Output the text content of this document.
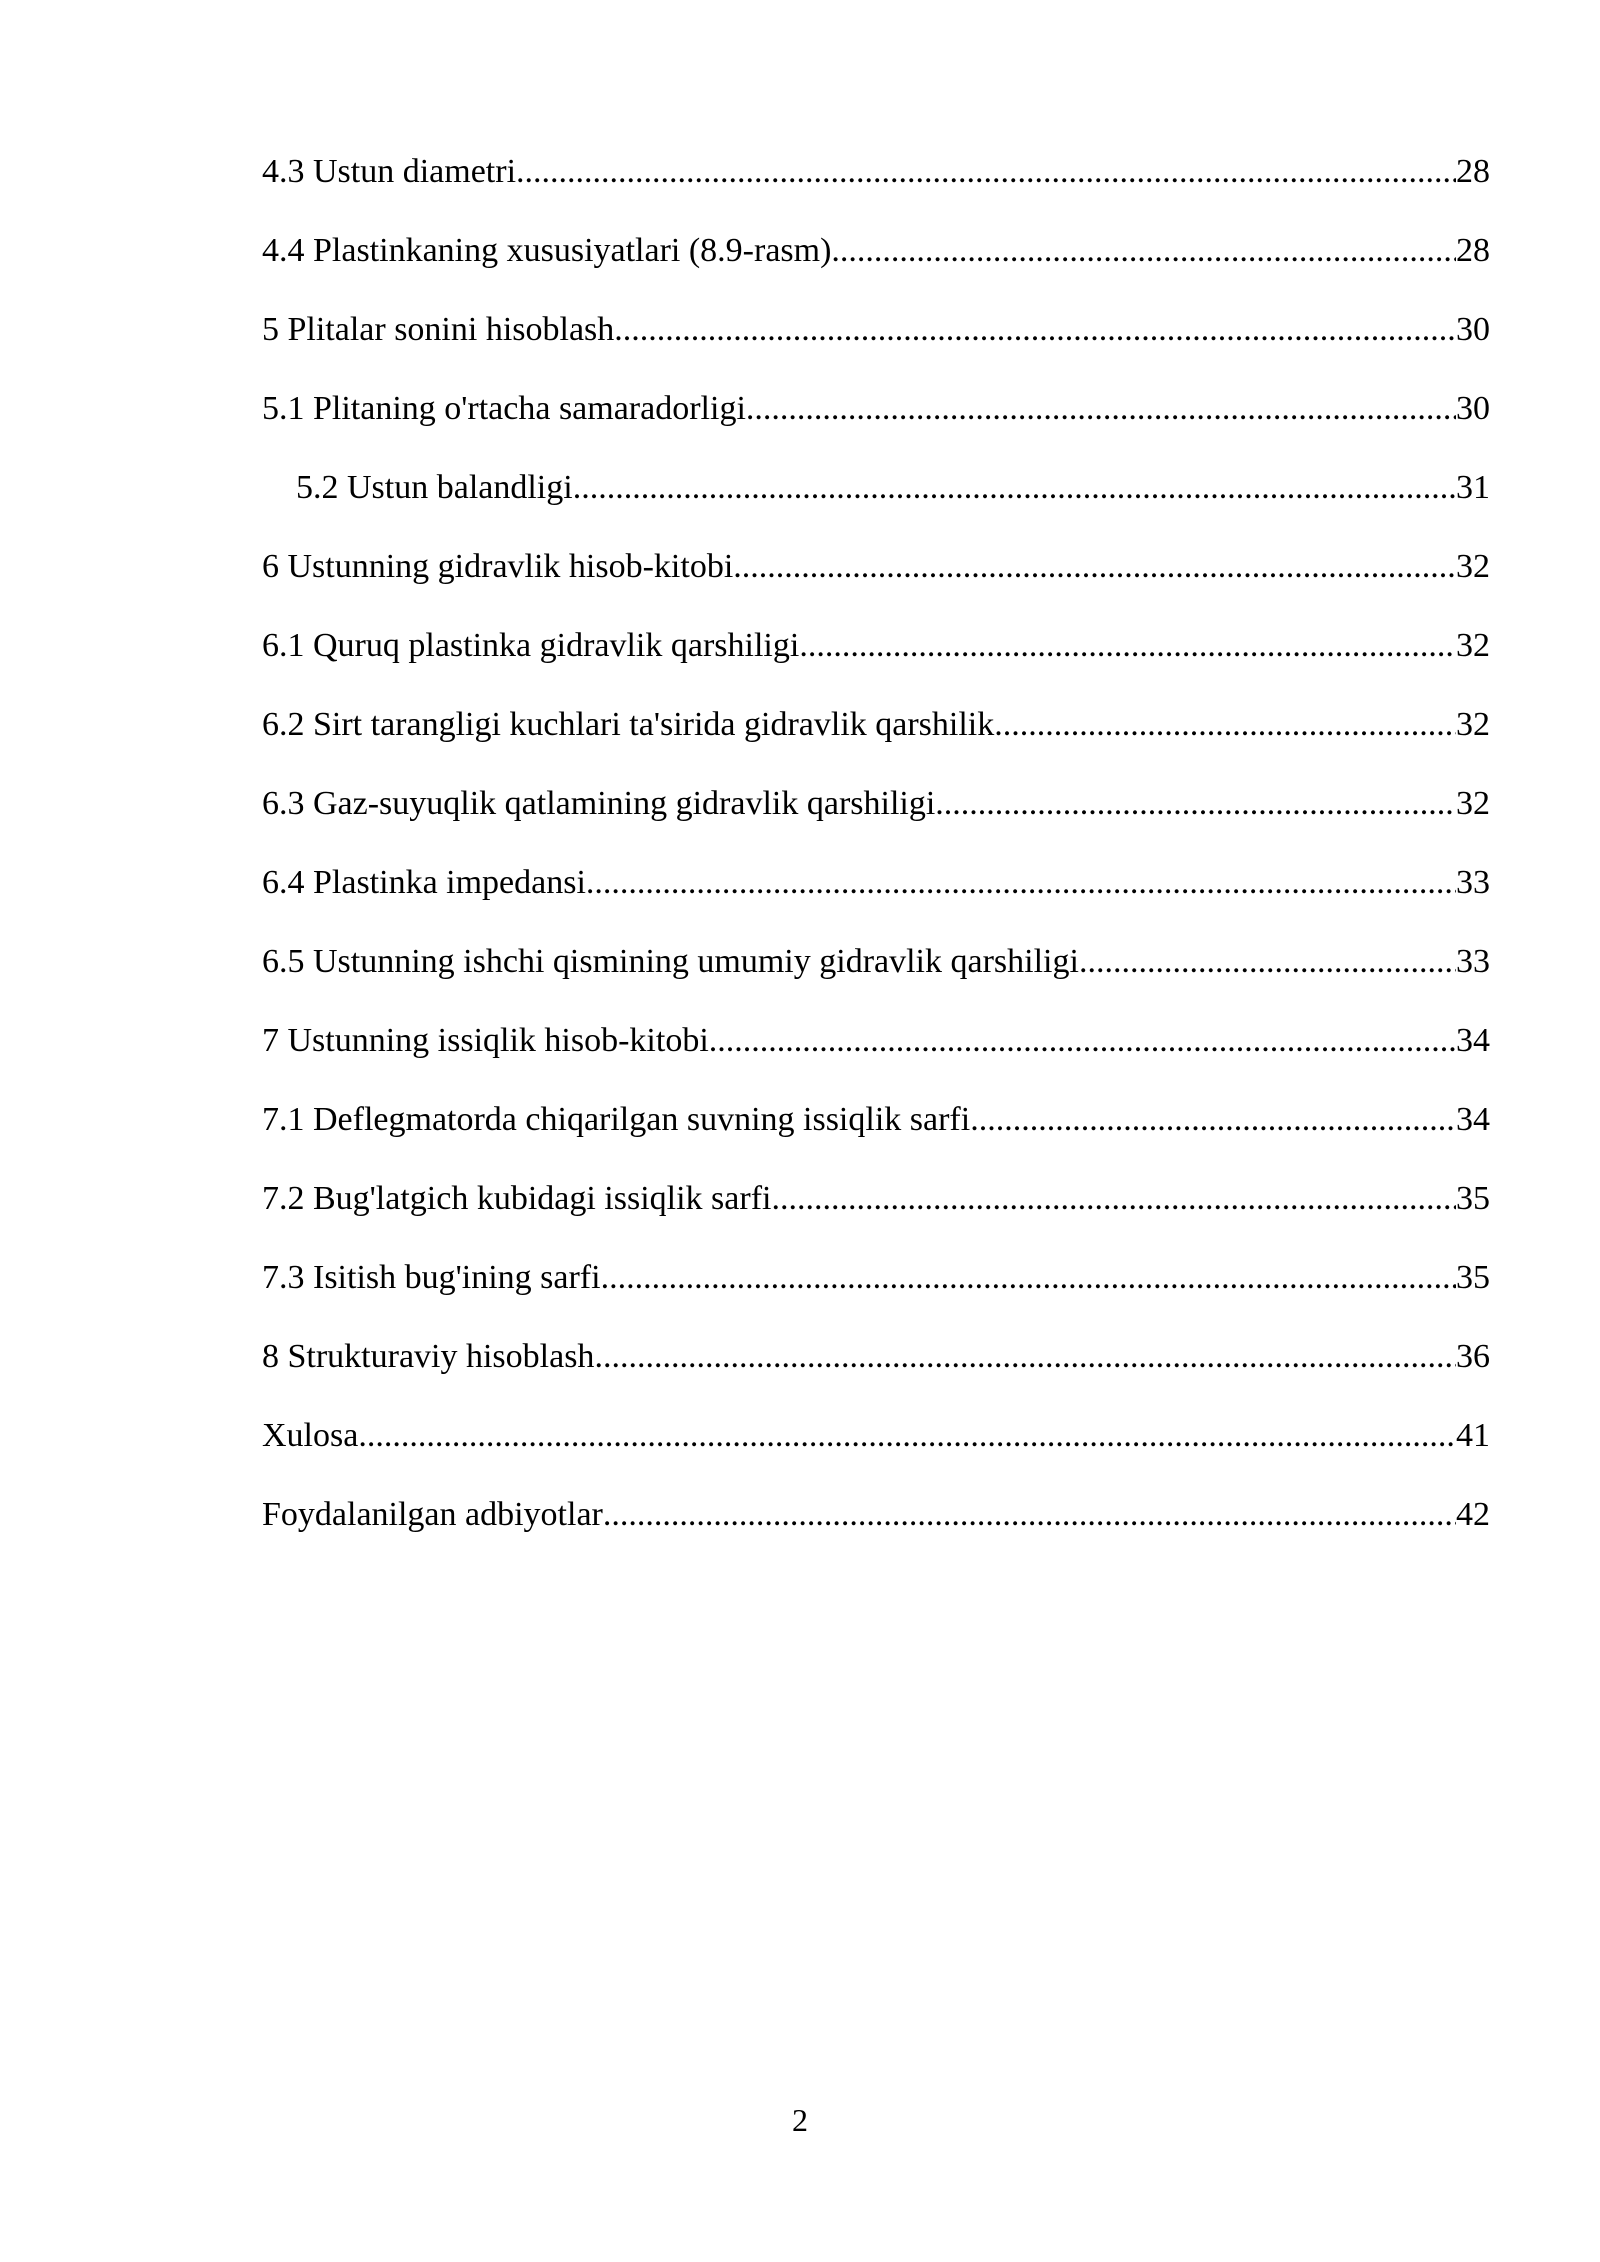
4.3 Ustun diametri .....	28
4.4 Plastinkaning xususiyatlari (8.9-rasm) .....	28
5 Plitalar sonini hisoblash .....	30
5.1 Plitaning o'rtacha samaradorligi .....	30
5.2 Ustun balandligi .....	31
6 Ustunning gidravlik hisob-kitobi .....	32
6.1 Quruq plastinka gidravlik qarshiligi .....	32
6.2 Sirt tarangligi kuchlari ta'sirida gidravlik qarshilik .....	32
6.3 Gaz-suyuqlik qatlamining gidravlik qarshiligi .....	32
6.4 Plastinka impedansi .....	33
6.5 Ustunning ishchi qismining umumiy gidravlik qarshiligi .....	33
7 Ustunning issiqlik hisob-kitobi .....	34
7.1 Deflegmatorda chiqarilgan suvning issiqlik sarfi .....	34
7.2 Bug'latgich kubidagi issiqlik sarfi .....	35
7.3 Isitish bug'ining sarfi .....	35
8 Strukturaviy hisoblash .....	36
Xulosa .....	41
Foydalanilgan adbiyotlar .....	42
2
